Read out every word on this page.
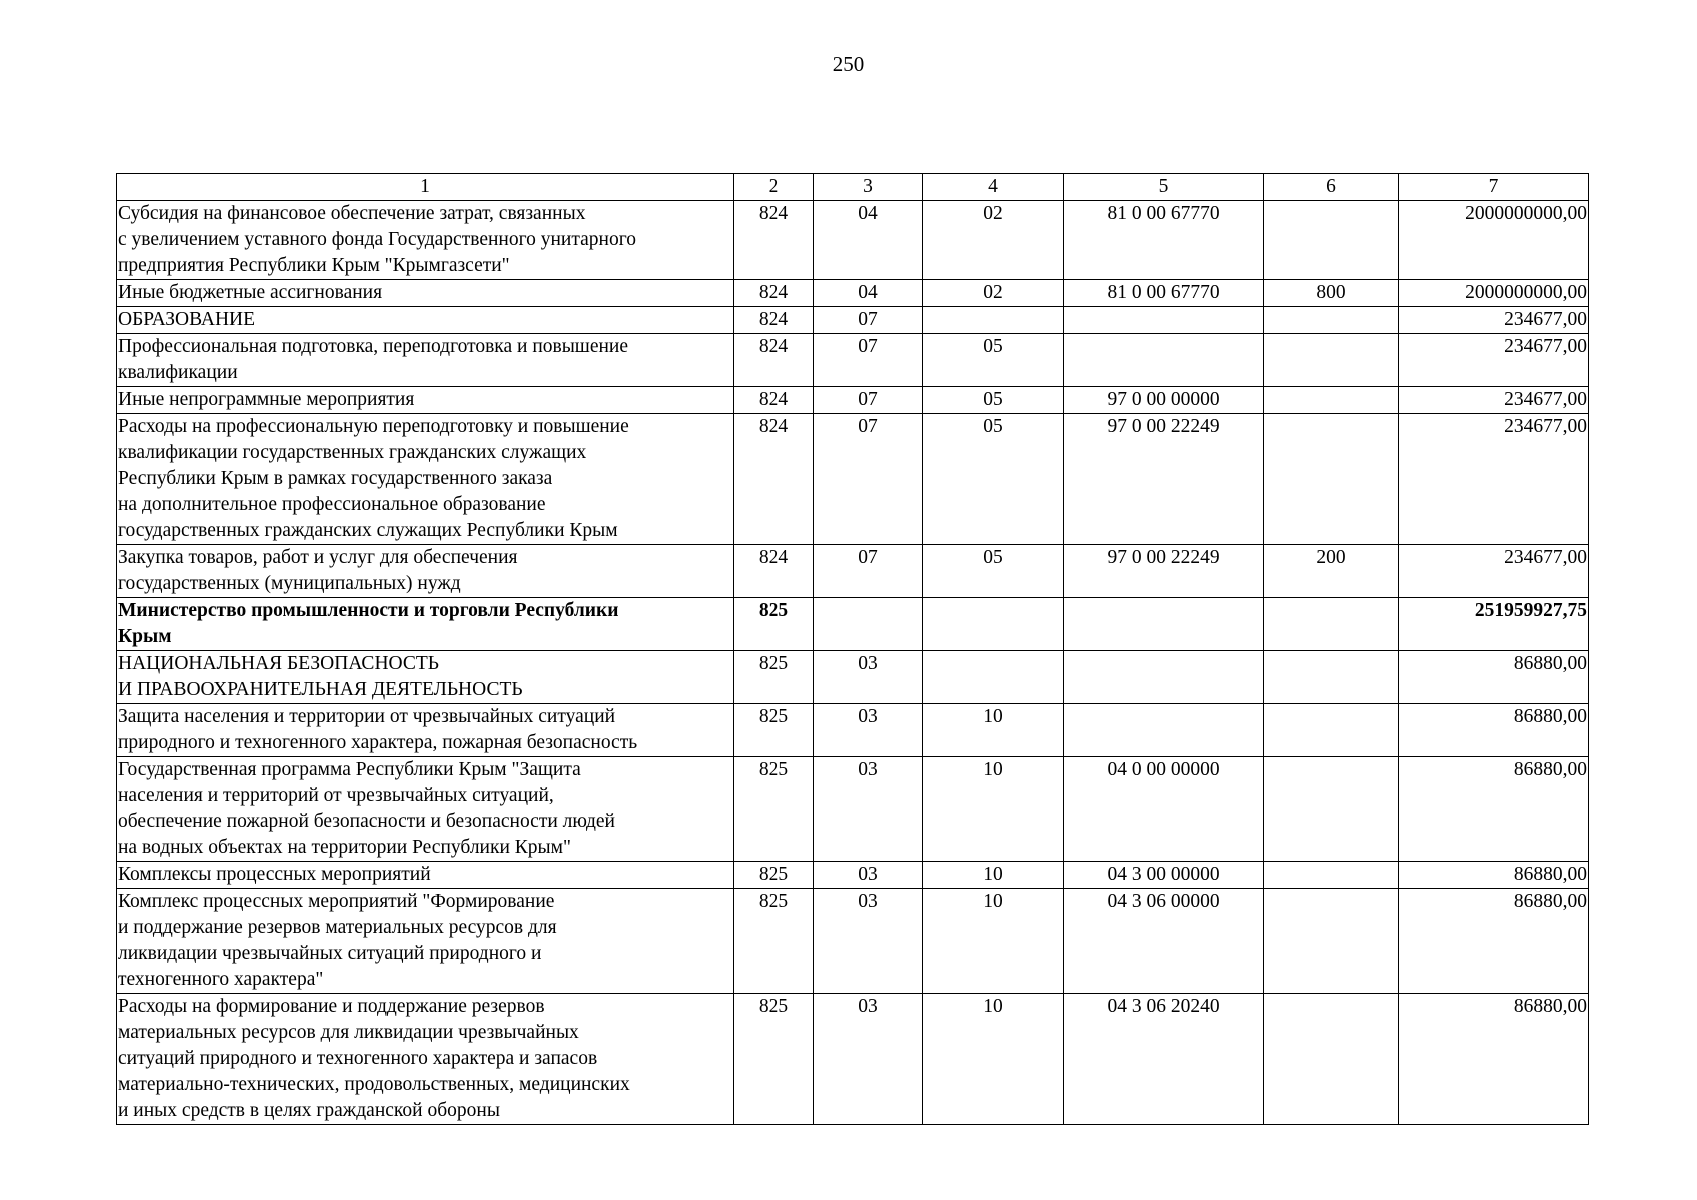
250
1	2	3	4	5	6	7
Субсидия на финансовое обеспечение затрат, связанных
с увеличением уставного фонда Государственного унитарного
предприятия Республики Крым "Крымгазсети"	824	04	02	81 0 00 67770		2000000000,00
Иные бюджетные ассигнования	824	04	02	81 0 00 67770	800	2000000000,00
ОБРАЗОВАНИЕ	824	07				234677,00
Профессиональная подготовка, переподготовка и повышение
квалификации	824	07	05			234677,00
Иные непрограммные мероприятия	824	07	05	97 0 00 00000		234677,00
Расходы на профессиональную переподготовку и повышение
квалификации государственных гражданских служащих
Республики Крым в рамках государственного заказа
на дополнительное профессиональное образование
государственных гражданских служащих Республики Крым	824	07	05	97 0 00 22249		234677,00
Закупка товаров, работ и услуг для обеспечения
государственных (муниципальных) нужд	824	07	05	97 0 00 22249	200	234677,00
Министерство промышленности и торговли Республики
Крым	825					251959927,75
НАЦИОНАЛЬНАЯ БЕЗОПАСНОСТЬ
И ПРАВООХРАНИТЕЛЬНАЯ ДЕЯТЕЛЬНОСТЬ	825	03				86880,00
Защита населения и территории от чрезвычайных ситуаций
природного и техногенного характера, пожарная безопасность	825	03	10			86880,00
Государственная программа Республики Крым "Защита
населения и территорий от чрезвычайных ситуаций,
обеспечение пожарной безопасности и безопасности людей
на водных объектах на территории Республики Крым"	825	03	10	04 0 00 00000		86880,00
Комплексы процессных мероприятий	825	03	10	04 3 00 00000		86880,00
Комплекс процессных мероприятий "Формирование
и поддержание резервов материальных ресурсов для
ликвидации чрезвычайных ситуаций природного и
техногенного характера"	825	03	10	04 3 06 00000		86880,00
Расходы на формирование и поддержание резервов
материальных ресурсов для ликвидации чрезвычайных
ситуаций природного и техногенного характера и запасов
материально-технических, продовольственных, медицинских
и иных средств в целях гражданской обороны	825	03	10	04 3 06 20240		86880,00
